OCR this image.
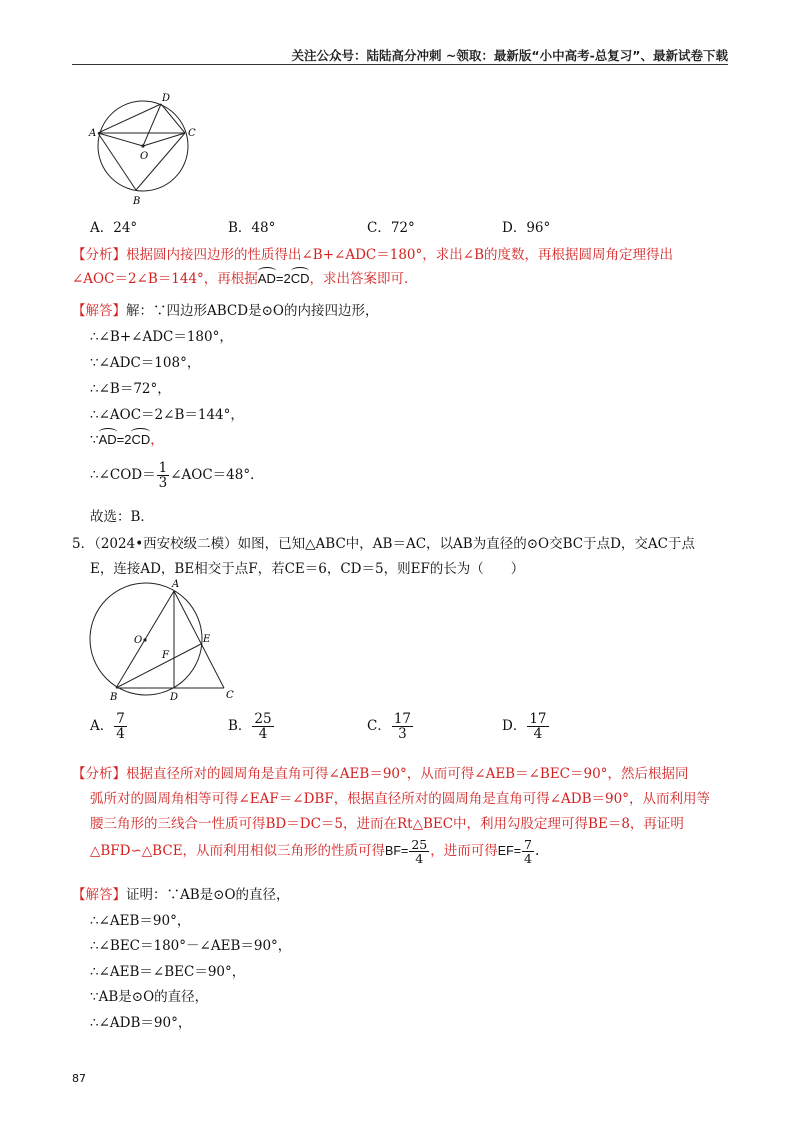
关注公众号：陆陆高分冲刺 ~领取：最新版“小中高考-总复习”、最新试卷下载
A
B
C
D
O
A．24°	B．48°	C．72°	D．96°
【分析】根据圆内接四边形的性质得出∠B+∠ADC＝180°，求出∠B的度数，再根据圆周角定理得出
∠AOC＝2∠B＝144°，再根据AD=2CD，求出答案即可．
【解答】解：∵四边形ABCD是⊙O的内接四边形，
∴∠B+∠ADC＝180°，
∵∠ADC＝108°，
∴∠B＝72°，
∴∠AOC＝2∠B＝144°，
∵AD=2CD，
∴∠COD＝ $\frac{1}{3}$ ∠AOC＝48°．
故选：B．
5．（2024•西安校级二模）如图，已知△ABC中，AB＝AC，以AB为直径的⊙O交BC于点D，交AC于点
E，连接AD，BE相交于点F，若CE＝6，CD＝5，则EF的长为（　　）
A
O	E
F
B	D	C
A． $\frac{7}{4}$	B． $\frac{25}{4}$	C． $\frac{17}{3}$	D． $\frac{17}{4}$
【分析】根据直径所对的圆周角是直角可得∠AEB＝90°，从而可得∠AEB＝∠BEC＝90°，然后根据同
弧所对的圆周角相等可得∠EAF＝∠DBF，根据直径所对的圆周角是直角可得∠ADB＝90°，从而利用等
腰三角形的三线合一性质可得BD＝DC＝5，进而在Rt△BEC中，利用勾股定理可得BE＝8，再证明
△BFD∽△BCE，从而利用相似三角形的性质可得$BF= \frac{25}{4}$ ，进而可得$EF= \frac{7}{4}$ .
【解答】证明：∵AB是⊙O的直径，
∴∠AEB＝90°，
∴∠BEC＝180°－∠AEB＝90°，
∴∠AEB＝∠BEC＝90°，
∵AB是⊙O的直径，
∴∠ADB＝90°，
87
